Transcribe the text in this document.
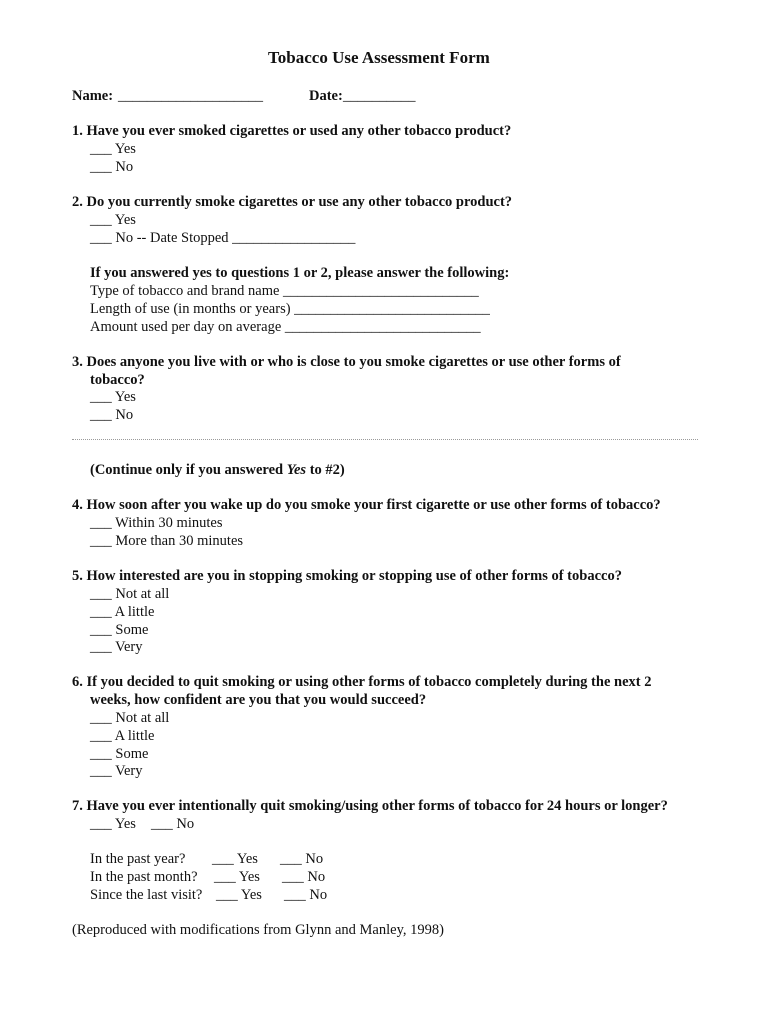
Tobacco Use Assessment Form
Name: ____________________	Date: __________
1. Have you ever smoked cigarettes or used any other tobacco product?
___ Yes
___ No
2. Do you currently smoke cigarettes or use any other tobacco product?
___ Yes
___ No -- Date Stopped _________________
If you answered yes to questions 1 or 2, please answer the following:
Type of tobacco and brand name ___________________________
Length of use (in months or years) ___________________________
Amount used per day on average ___________________________
3. Does anyone you live with or who is close to you smoke cigarettes or use other forms of
tobacco?
___ Yes
___ No
(Continue only if you answered Yes to #2)
4. How soon after you wake up do you smoke your first cigarette or use other forms of tobacco?
___ Within 30 minutes
___ More than 30 minutes
5. How interested are you in stopping smoking or stopping use of other forms of tobacco?
___ Not at all
___ A little
___ Some
___ Very
6. If you decided to quit smoking or using other forms of tobacco completely during the next 2
weeks, how confident are you that you would succeed?
___ Not at all
___ A little
___ Some
___ Very
7. Have you ever intentionally quit smoking/using other forms of tobacco for 24 hours or longer?
___ Yes ___ No
In the past year? ___ Yes ___ No
In the past month? ___ Yes ___ No
Since the last visit? ___ Yes ___ No
(Reproduced with modifications from Glynn and Manley, 1998)
